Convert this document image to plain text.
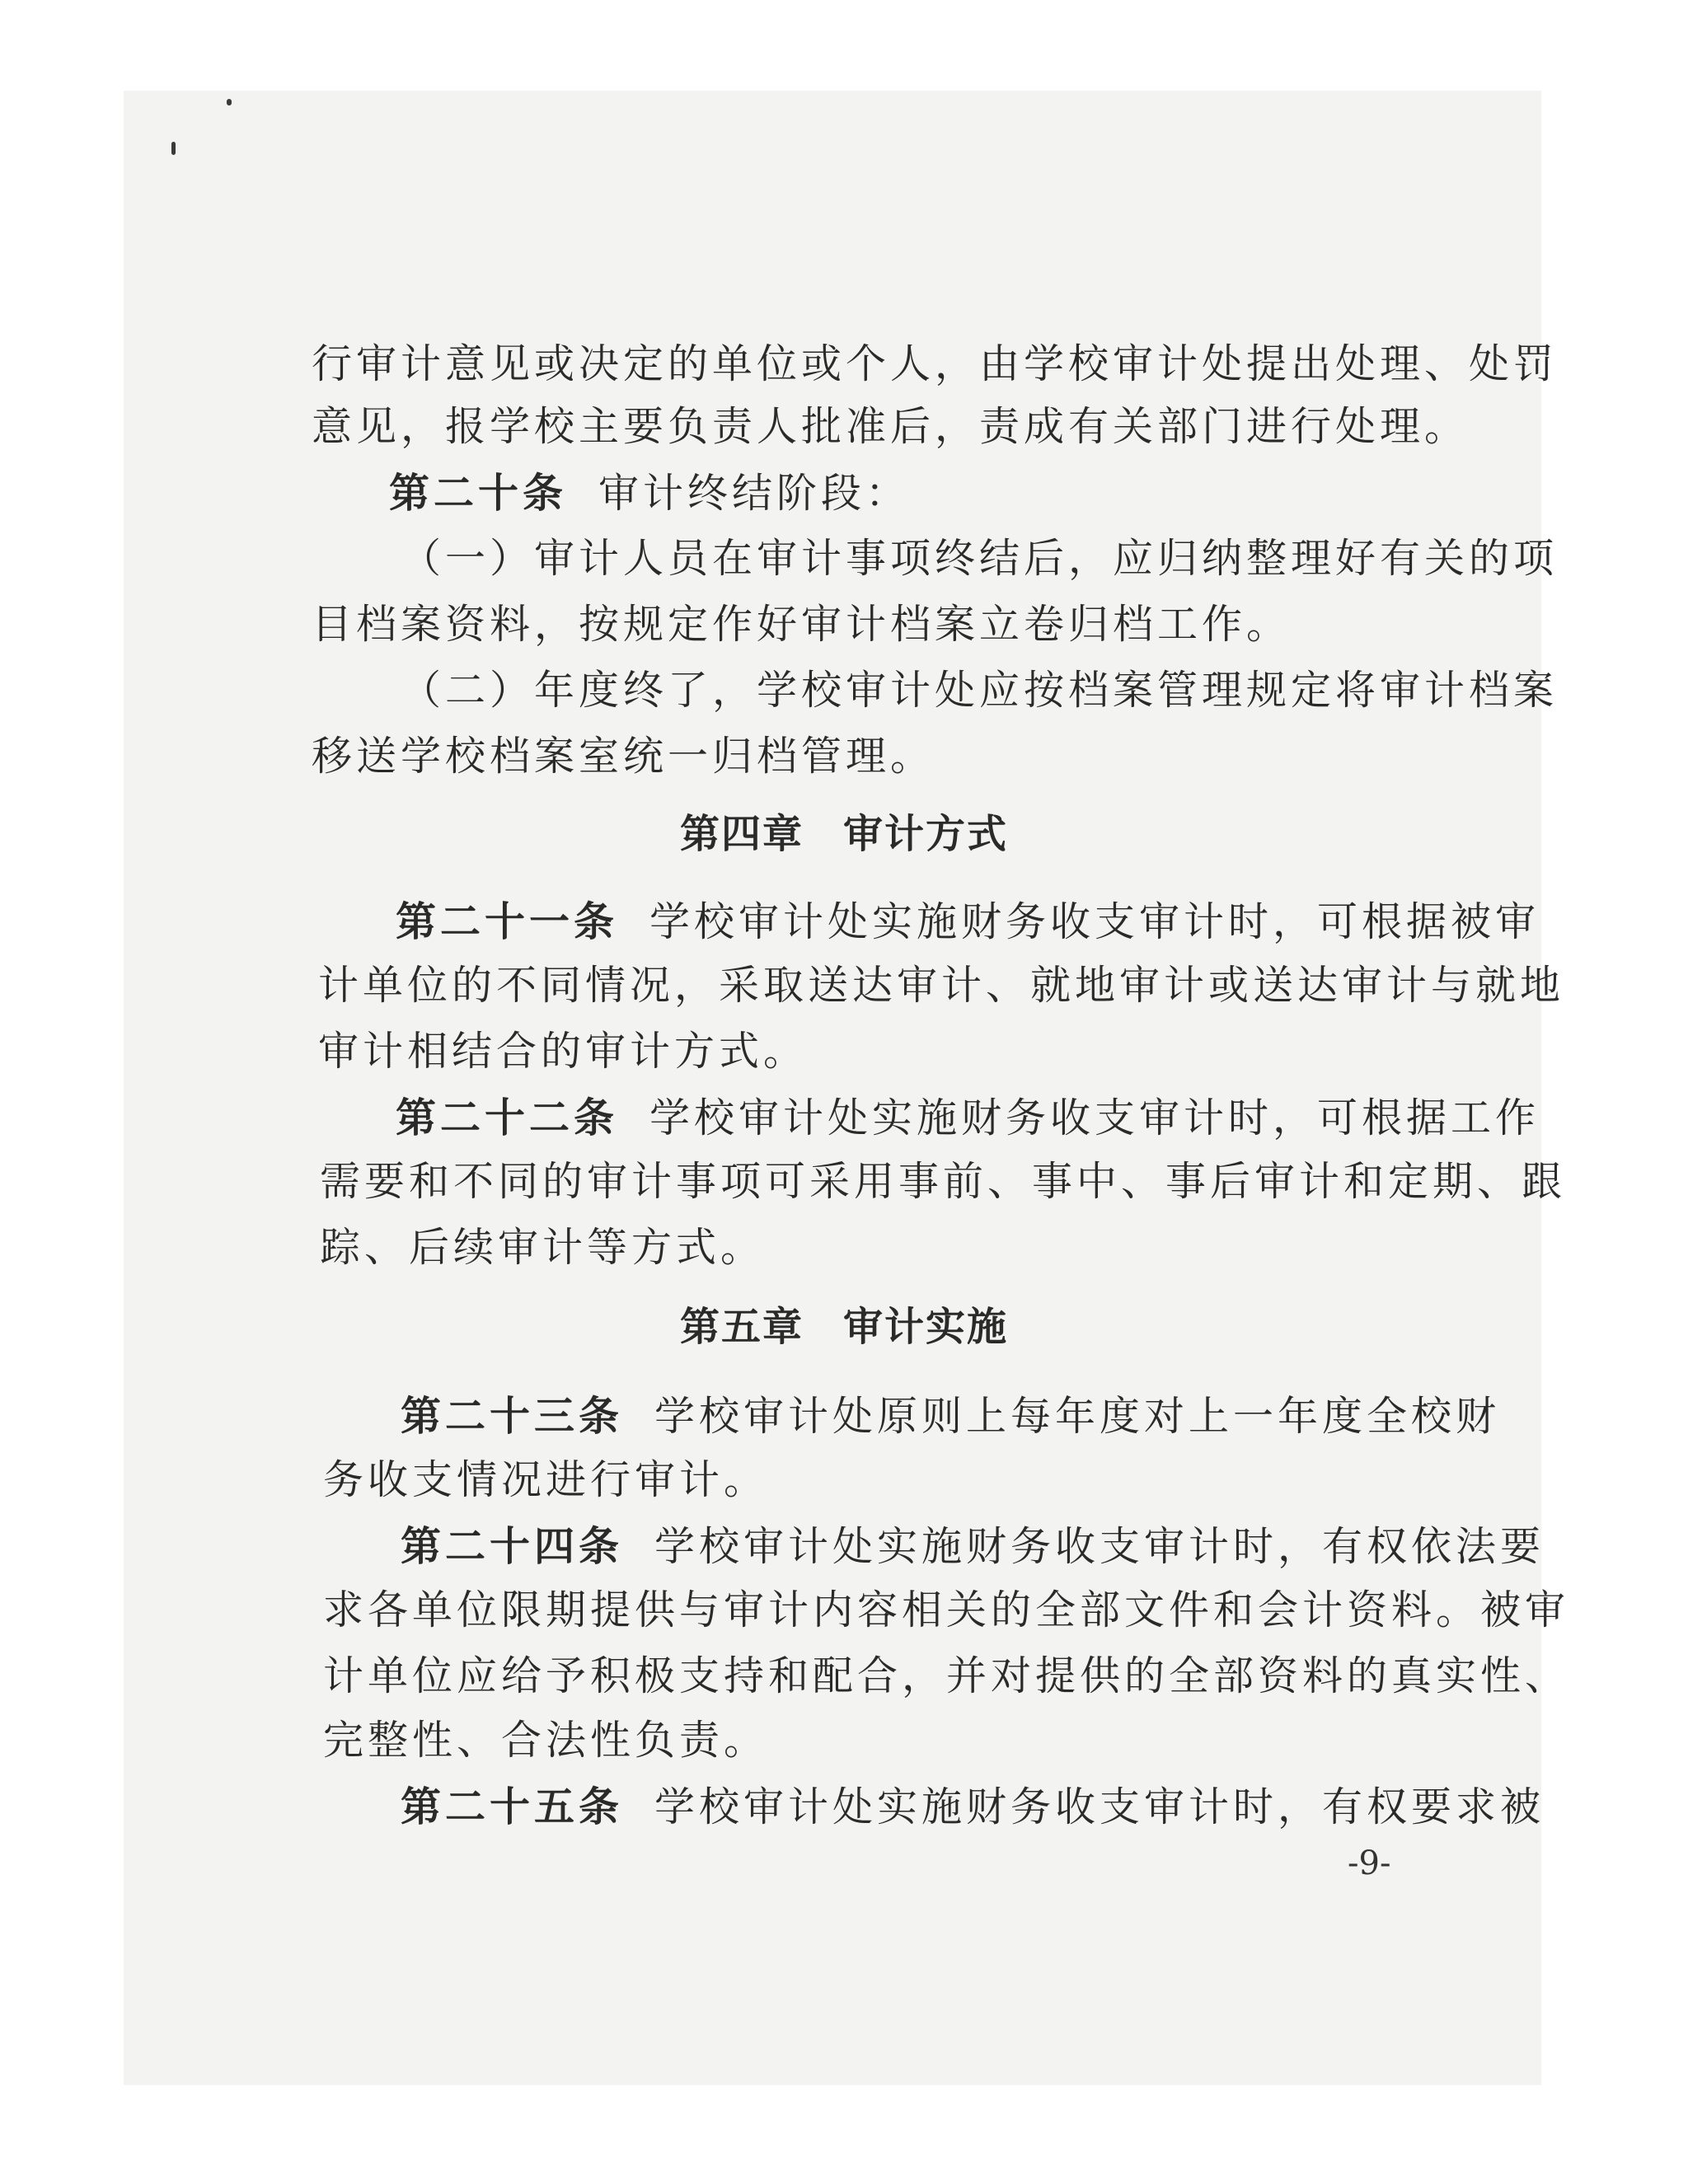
行审计意见或决定的单位或个人，由学校审计处提出处理、处罚
意见，报学校主要负责人批准后，责成有关部门进行处理。
第二十条 审计终结阶段：
（一）审计人员在审计事项终结后，应归纳整理好有关的项
目档案资料，按规定作好审计档案立卷归档工作。
（二）年度终了，学校审计处应按档案管理规定将审计档案
移送学校档案室统一归档管理。
第四章 审计方式
第二十一条 学校审计处实施财务收支审计时，可根据被审
计单位的不同情况，采取送达审计、就地审计或送达审计与就地
审计相结合的审计方式。
第二十二条 学校审计处实施财务收支审计时，可根据工作
需要和不同的审计事项可采用事前、事中、事后审计和定期、跟
踪、后续审计等方式。
第五章 审计实施
第二十三条 学校审计处原则上每年度对上一年度全校财
务收支情况进行审计。
第二十四条 学校审计处实施财务收支审计时，有权依法要
求各单位限期提供与审计内容相关的全部文件和会计资料。被审
计单位应给予积极支持和配合，并对提供的全部资料的真实性、
完整性、合法性负责。
第二十五条 学校审计处实施财务收支审计时，有权要求被
-9-
